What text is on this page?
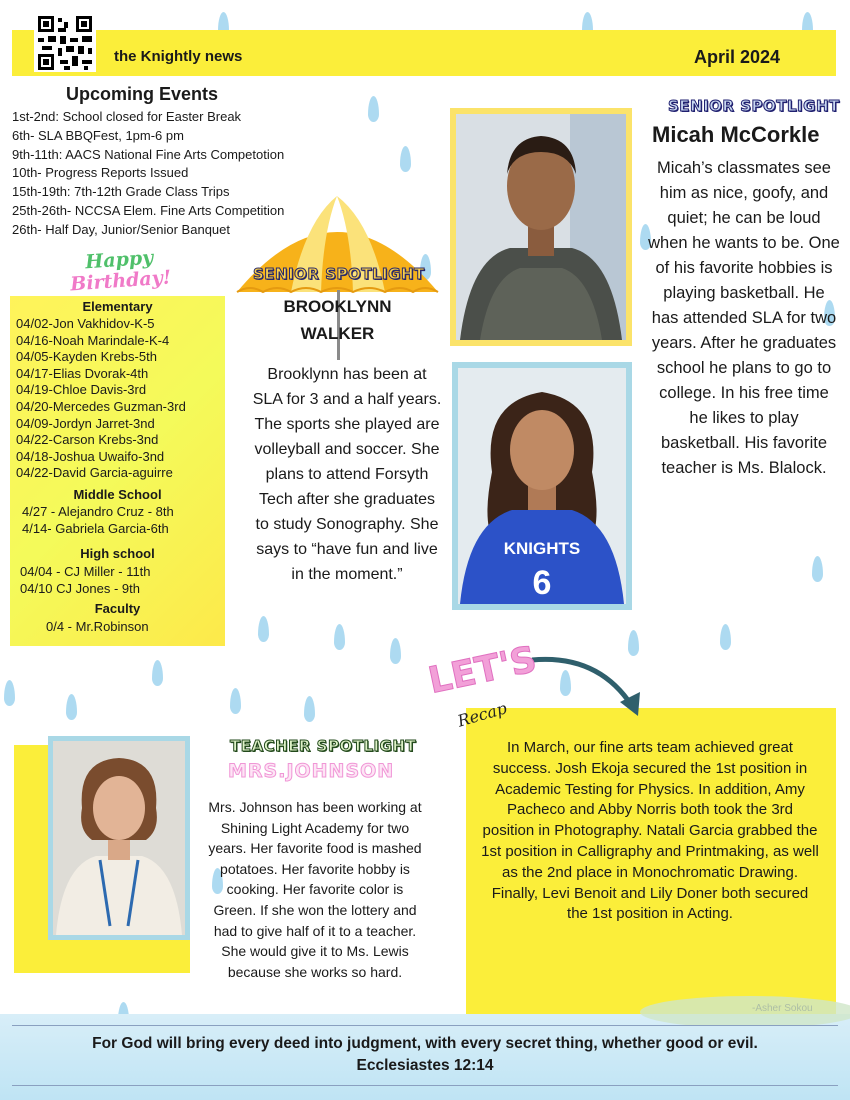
the Knightly news	April 2024
Upcoming Events
1st-2nd: School closed for Easter Break
6th- SLA BBQFest, 1pm-6 pm
9th-11th: AACS National Fine Arts Competotion
10th- Progress Reports Issued
15th-19th: 7th-12th Grade Class Trips
25th-26th- NCCSA Elem. Fine Arts Competition
26th- Half Day, Junior/Senior Banquet
SENIOR SPOTLIGHT
BROOKLYNN
WALKER
Brooklynn has been at SLA for 3 and a half years. The sports she played are volleyball and soccer. She plans to attend Forsyth Tech after she graduates to study Sonography. She says to “have fun and live in the moment.”
Happy
Birthday!
Elementary
04/02-Jon Vakhidov-K-5
04/16-Noah Marindale-K-4
04/05-Kayden Krebs-5th
04/17-Elias Dvorak-4th
04/19-Chloe Davis-3rd
04/20-Mercedes Guzman-3rd
04/09-Jordyn Jarret-3nd
04/22-Carson Krebs-3nd
04/18-Joshua Uwaifo-3nd
04/22-David Garcia-aguirre
Middle School
4/27 - Alejandro Cruz - 8th
4/14- Gabriela Garcia-6th
High school
04/04 - CJ Miller - 11th
04/10 CJ Jones - 9th
Faculty
0/4 - Mr.Robinson
KNIGHTS
6
SENIOR SPOTLIGHT
Micah McCorkle
Micah’s classmates see him as nice, goofy, and quiet; he can be loud when he wants to be. One of his favorite hobbies is playing basketball. He has attended SLA for two years. After he graduates school he plans to go to college. In his free time he likes to play basketball. His favorite teacher is Ms. Blalock.
LET'S
Recap
In March, our fine arts team achieved great success. Josh Ekoja secured the 1st position in Academic Testing for Physics. In addition, Amy Pacheco and Abby Norris both took the 3rd position in Photography. Natali Garcia grabbed the 1st position in Calligraphy and Printmaking, as well as the 2nd place in Monochromatic Drawing. Finally, Levi Benoit and Lily Doner both secured the 1st position in Acting.
TEACHER SPOTLIGHT
MRS.JOHNSON
Mrs. Johnson has been working at Shining Light Academy for two years. Her favorite food is mashed potatoes. Her favorite hobby is cooking. Her favorite color is Green. If she won the lottery and had to give half of it to a teacher. She would give it to Ms. Lewis because she works so hard.
For God will bring every deed into judgment, with every secret thing, whether good or evil.
Ecclesiastes 12:14
